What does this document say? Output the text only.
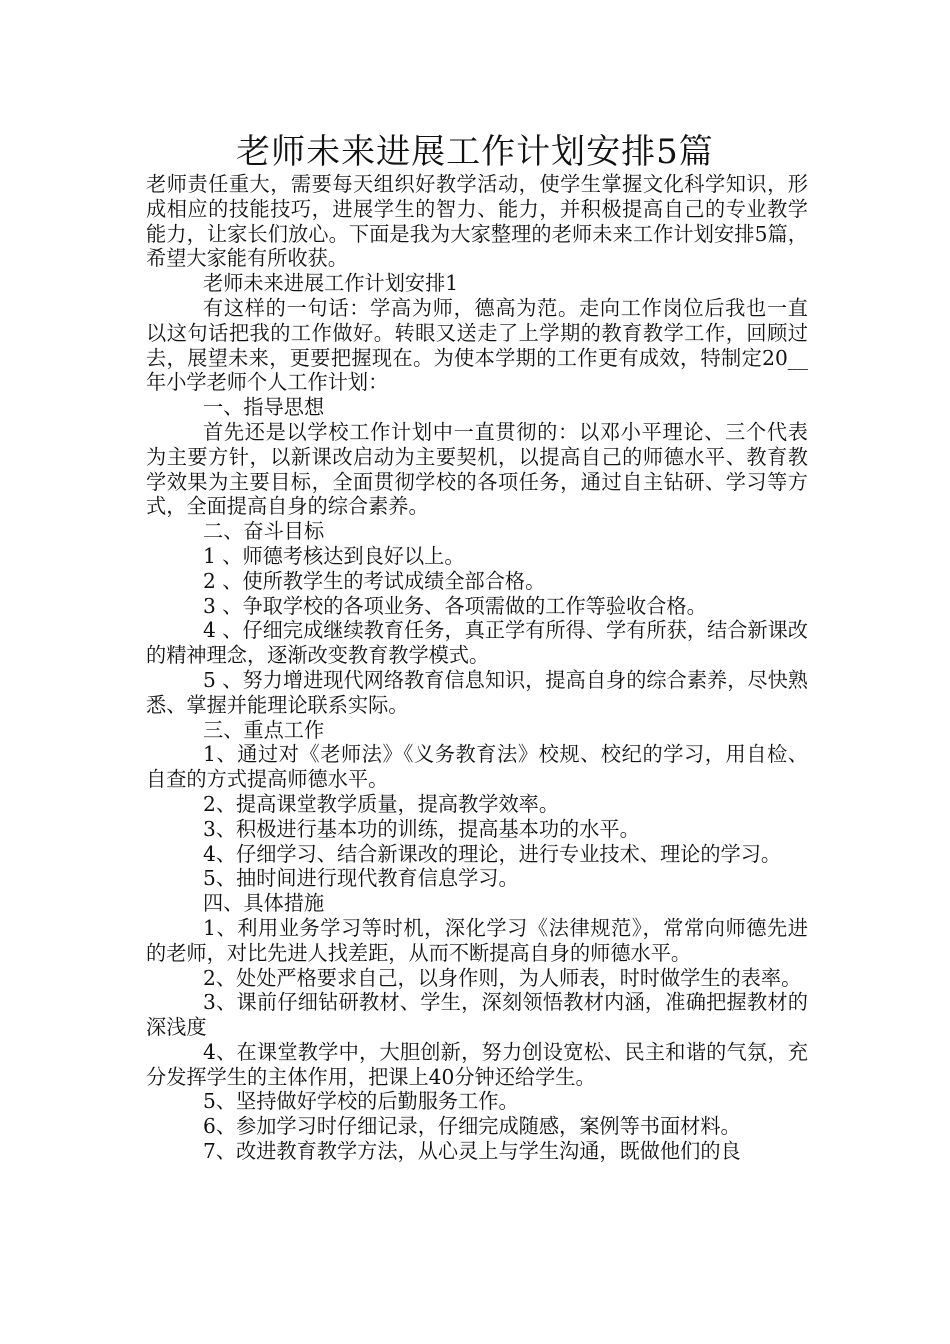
老师未来进展工作计划安排5篇

老师责任重大，需要每天组织好教学活动，使学生掌握文化科学知识，形成相应的技能技巧，进展学生的智力、能力，并积极提高自己的专业教学能力，让家长们放心。下面是我为大家整理的老师未来工作计划安排5篇，希望大家能有所收获。

老师未来进展工作计划安排1

有这样的一句话：学高为师，德高为范。走向工作岗位后我也一直以这句话把我的工作做好。转眼又送走了上学期的教育教学工作，回顾过去，展望未来，更要把握现在。为使本学期的工作更有成效，特制定20__年小学老师个人工作计划：

一、指导思想

首先还是以学校工作计划中一直贯彻的：以邓小平理论、三个代表为主要方针，以新课改启动为主要契机，以提高自己的师德水平、教育教学效果为主要目标，全面贯彻学校的各项任务，通过自主钻研、学习等方式，全面提高自身的综合素养。

二、奋斗目标

1 、师德考核达到良好以上。

2 、使所教学生的考试成绩全部合格。

3 、争取学校的各项业务、各项需做的工作等验收合格。

4 、仔细完成继续教育任务，真正学有所得、学有所获，结合新课改的精神理念，逐渐改变教育教学模式。

5 、努力增进现代网络教育信息知识，提高自身的综合素养，尽快熟悉、掌握并能理论联系实际。

三、重点工作

1、通过对《老师法》《义务教育法》校规、校纪的学习，用自检、自查的方式提高师德水平。

2、提高课堂教学质量，提高教学效率。

3、积极进行基本功的训练，提高基本功的水平。

4、仔细学习、结合新课改的理论，进行专业技术、理论的学习。

5、抽时间进行现代教育信息学习。

四、具体措施

1、利用业务学习等时机，深化学习《法律规范》，常常向师德先进的老师，对比先进人找差距，从而不断提高自身的师德水平。

2、处处严格要求自己，以身作则，为人师表，时时做学生的表率。

3、课前仔细钻研教材、学生，深刻领悟教材内涵，准确把握教材的深浅度

4、在课堂教学中，大胆创新，努力创设宽松、民主和谐的气氛，充分发挥学生的主体作用，把课上40分钟还给学生。

5、坚持做好学校的后勤服务工作。

6、参加学习时仔细记录，仔细完成随感，案例等书面材料。

7、改进教育教学方法，从心灵上与学生沟通，既做他们的良
